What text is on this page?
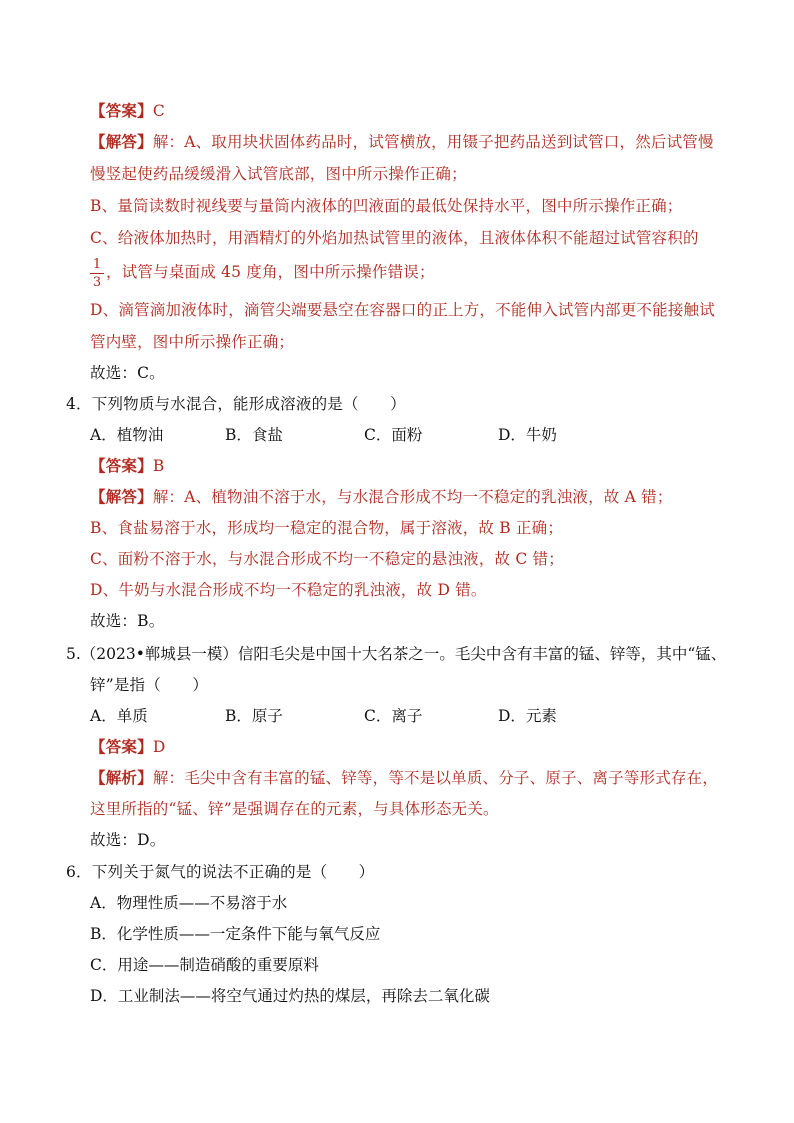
【答案】C
【解答】解：A、取用块状固体药品时，试管横放，用镊子把药品送到试管口，然后试管慢
慢竖起使药品缓缓滑入试管底部，图中所示操作正确；
B、量筒读数时视线要与量筒内液体的凹液面的最低处保持水平，图中所示操作正确；
C、给液体加热时，用酒精灯的外焰加热试管里的液体，且液体体积不能超过试管容积的
1
3
，试管与桌面成 45 度角，图中所示操作错误；
D、滴管滴加液体时，滴管尖端要悬空在容器口的正上方，不能伸入试管内部更不能接触试
管内壁，图中所示操作正确；
故选：C。
4．下列物质与水混合，能形成溶液的是（　　）
A．植物油	B．食盐	C．面粉	D．牛奶
【答案】B
【解答】解：A、植物油不溶于水，与水混合形成不均一不稳定的乳浊液，故 A 错；
B、食盐易溶于水，形成均一稳定的混合物，属于溶液，故 B 正确；
C、面粉不溶于水，与水混合形成不均一不稳定的悬浊液，故 C 错；
D、牛奶与水混合形成不均一不稳定的乳浊液，故 D 错。
故选：B。
5.（2023•郸城县一模）信阳毛尖是中国十大名茶之一。毛尖中含有丰富的锰、锌等，其中“锰、
锌”是指（　　）
A．单质	B．原子	C．离子	D．元素
【答案】D
【解析】解：毛尖中含有丰富的锰、锌等，等不是以单质、分子、原子、离子等形式存在，
这里所指的“锰、锌”是强调存在的元素，与具体形态无关。
故选：D。
6．下列关于氮气的说法不正确的是（　　）
A．物理性质——不易溶于水
B．化学性质——一定条件下能与氧气反应
C．用途——制造硝酸的重要原料
D．工业制法——将空气通过灼热的煤层，再除去二氧化碳
